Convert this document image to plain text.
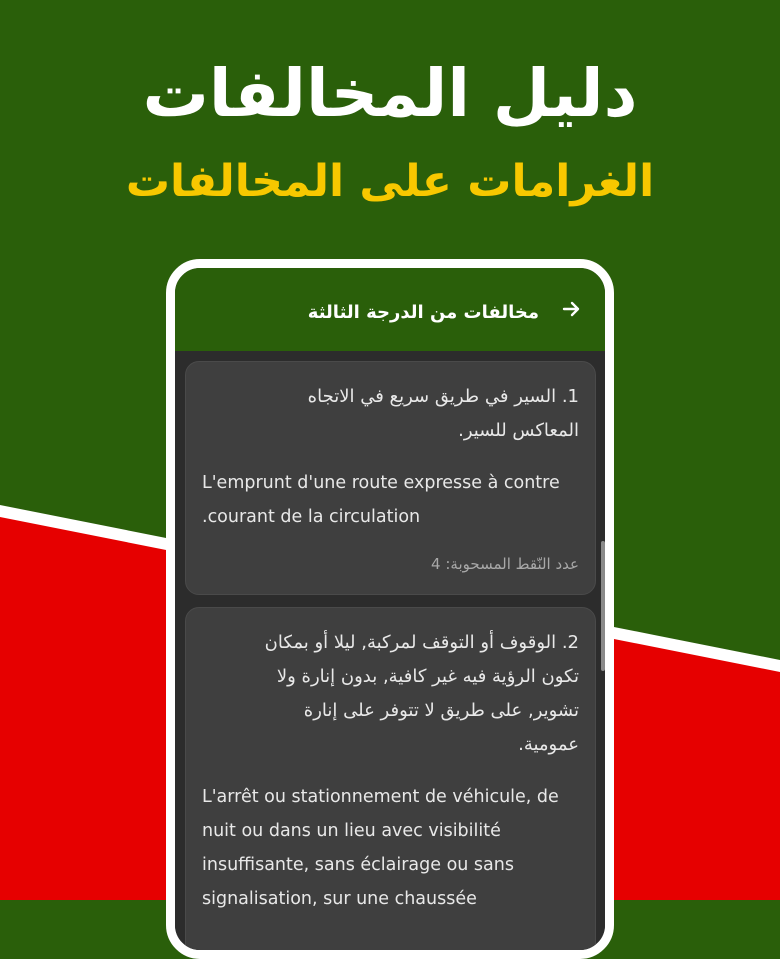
دليل المخالفات
الغرامات على المخالفات
مخالفات من الدرجة الثالثة
1. السير في طريق سريع في الاتجاه
المعاكس للسير.
L'emprunt d'une route expresse à contre
.courant de la circulation
عدد النّقط المسحوبة: 4
2. الوقوف أو التوقف لمركبة, ليلا أو بمكان
تكون الرؤية فيه غير كافية, بدون إنارة ولا
تشوير, على طريق لا تتوفر على إنارة
عمومية.
L'arrêt ou stationnement de véhicule, de
nuit ou dans un lieu avec visibilité
insuffisante, sans éclairage ou sans
signalisation, sur une chaussée
